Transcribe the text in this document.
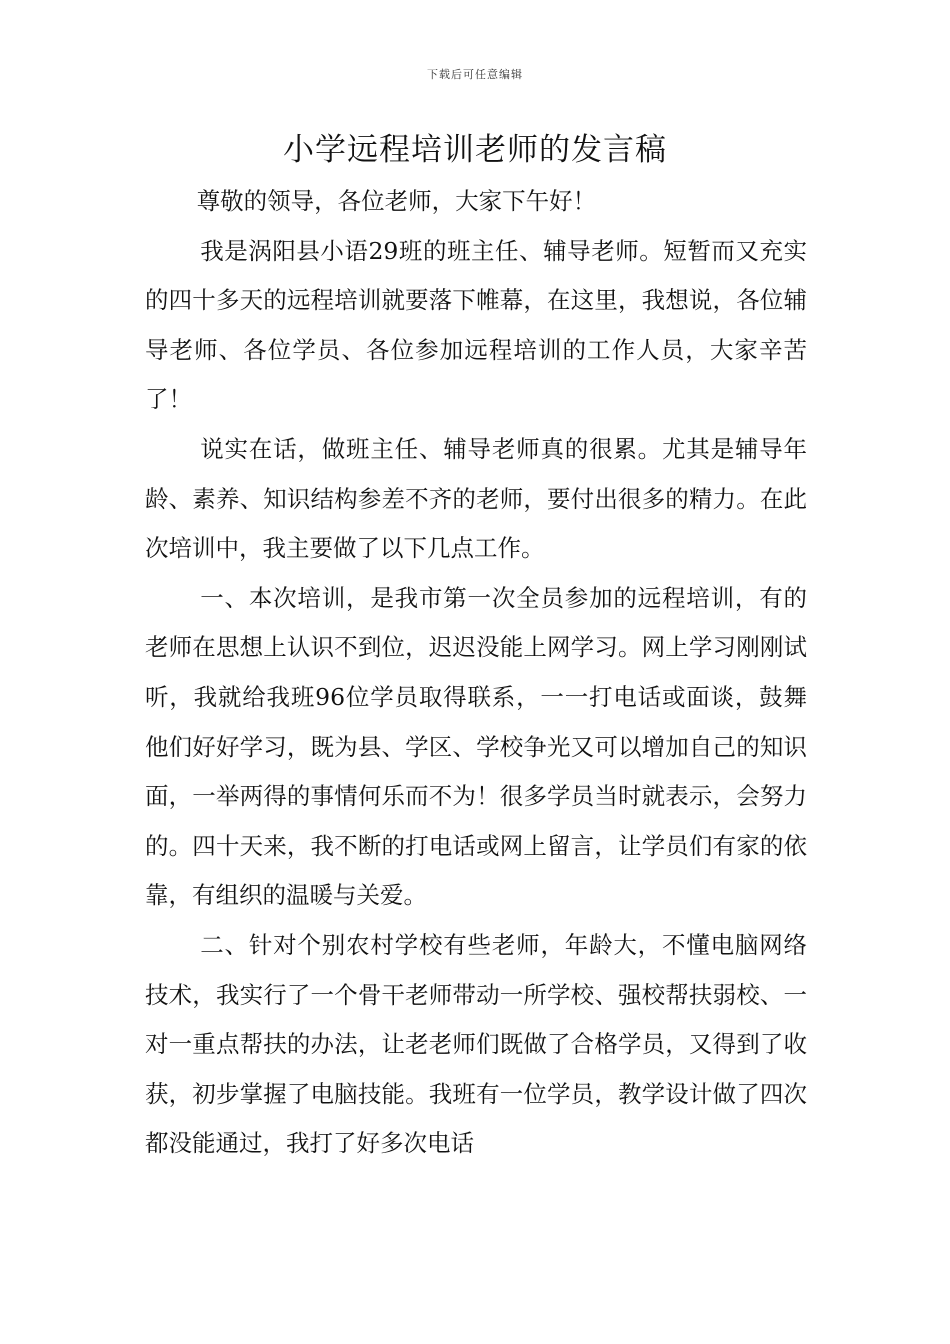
下载后可任意编辑
小学远程培训老师的发言稿

尊敬的领导，各位老师，大家下午好！

我是涡阳县小语29班的班主任、辅导老师。短暂而又充实的四十多天的远程培训就要落下帷幕，在这里，我想说，各位辅导老师、各位学员、各位参加远程培训的工作人员，大家辛苦了！

说实在话，做班主任、辅导老师真的很累。尤其是辅导年龄、素养、知识结构参差不齐的老师，要付出很多的精力。在此次培训中，我主要做了以下几点工作。

一、本次培训，是我市第一次全员参加的远程培训，有的老师在思想上认识不到位，迟迟没能上网学习。网上学习刚刚试听，我就给我班96位学员取得联系，一一打电话或面谈，鼓舞他们好好学习，既为县、学区、学校争光又可以增加自己的知识面，一举两得的事情何乐而不为！很多学员当时就表示，会努力的。四十天来，我不断的打电话或网上留言，让学员们有家的依靠，有组织的温暖与关爱。

二、针对个别农村学校有些老师，年龄大，不懂电脑网络技术，我实行了一个骨干老师带动一所学校、强校帮扶弱校、一对一重点帮扶的办法，让老老师们既做了合格学员，又得到了收获，初步掌握了电脑技能。我班有一位学员，教学设计做了四次都没能通过，我打了好多次电话
